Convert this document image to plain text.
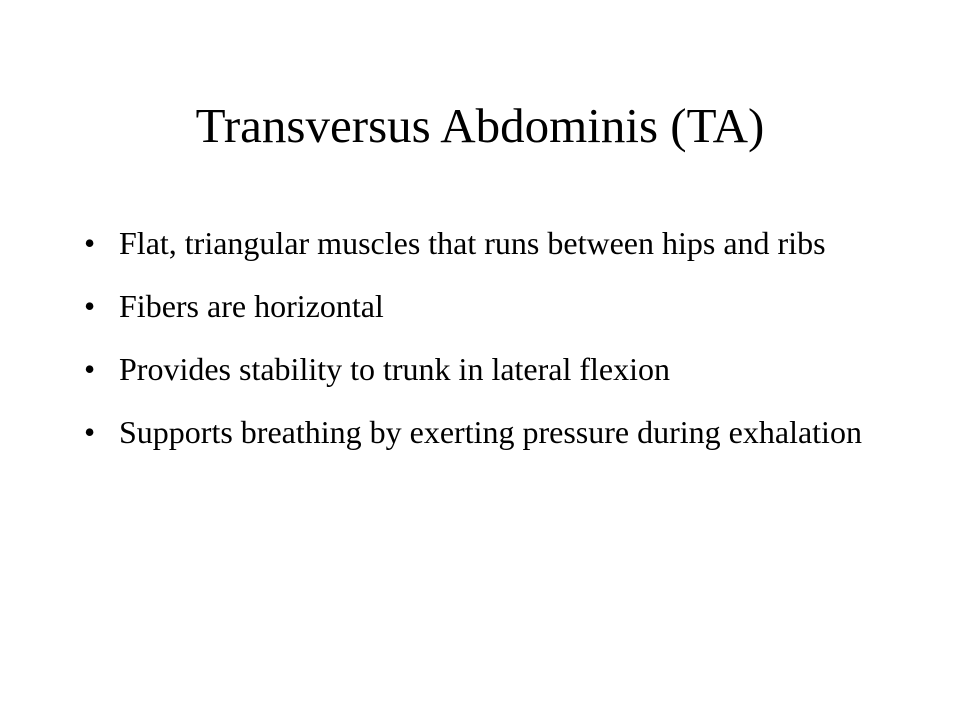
Transversus Abdominis (TA)
• Flat, triangular muscles that runs between hips and ribs
• Fibers are horizontal
• Provides stability to trunk in lateral flexion
• Supports breathing by exerting pressure during exhalation
